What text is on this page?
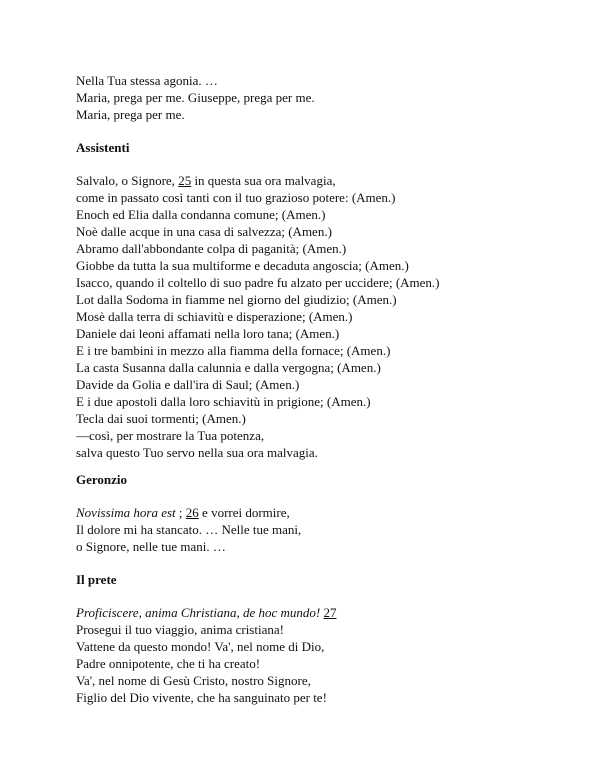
Nella Tua stessa agonia. …
Maria, prega per me. Giuseppe, prega per me.
Maria, prega per me.
Assistenti
Salvalo, o Signore, 25 in questa sua ora malvagia,
come in passato così tanti con il tuo grazioso potere: (Amen.)
Enoch ed Elia dalla condanna comune; (Amen.)
Noè dalle acque in una casa di salvezza; (Amen.)
Abramo dall'abbondante colpa di paganità; (Amen.)
Giobbe da tutta la sua multiforme e decaduta angoscia; (Amen.)
Isacco, quando il coltello di suo padre fu alzato per uccidere; (Amen.)
Lot dalla Sodoma in fiamme nel giorno del giudizio; (Amen.)
Mosè dalla terra di schiavitù e disperazione; (Amen.)
Daniele dai leoni affamati nella loro tana; (Amen.)
E i tre bambini in mezzo alla fiamma della fornace; (Amen.)
La casta Susanna dalla calunnia e dalla vergogna; (Amen.)
Davide da Golia e dall'ira di Saul; (Amen.)
E i due apostoli dalla loro schiavitù in prigione; (Amen.)
Tecla dai suoi tormenti; (Amen.)
—così, per mostrare la Tua potenza,
salva questo Tuo servo nella sua ora malvagia.
Geronzio
Novissima hora est ; 26 e vorrei dormire,
Il dolore mi ha stancato. … Nelle tue mani,
o Signore, nelle tue mani. …
Il prete
Proficiscere, anima Christiana, de hoc mundo! 27
Prosegui il tuo viaggio, anima cristiana!
Vattene da questo mondo! Va', nel nome di Dio,
Padre onnipotente, che ti ha creato!
Va', nel nome di Gesù Cristo, nostro Signore,
Figlio del Dio vivente, che ha sanguinato per te!
